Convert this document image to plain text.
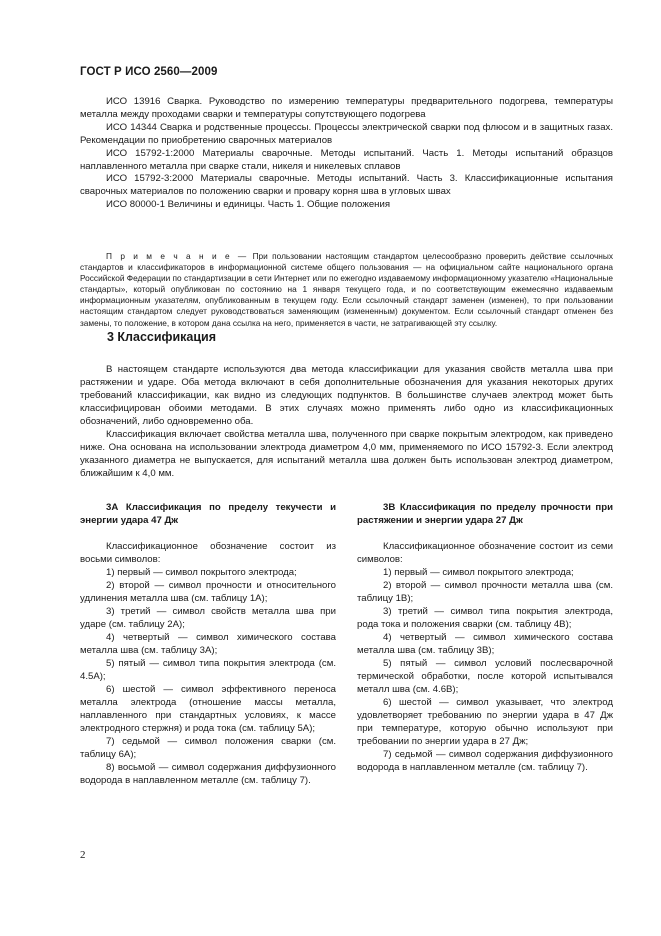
ГОСТ Р ИСО 2560—2009

ИСО 13916 Сварка. Руководство по измерению температуры предварительного подогрева, температуры металла между проходами сварки и температуры сопутствующего подогрева

ИСО 14344 Сварка и родственные процессы. Процессы электрической сварки под флюсом и в защитных газах. Рекомендации по приобретению сварочных материалов

ИСО 15792-1:2000 Материалы сварочные. Методы испытаний. Часть 1. Методы испытаний образцов наплавленного металла при сварке стали, никеля и никелевых сплавов

ИСО 15792-3:2000 Материалы сварочные. Методы испытаний. Часть 3. Классификационные испытания сварочных материалов по положению сварки и провару корня шва в угловых швах

ИСО 80000-1 Величины и единицы. Часть 1. Общие положения

П р и м е ч а н и е — При пользовании настоящим стандартом целесообразно проверить действие ссылочных стандартов и классификаторов в информационной системе общего пользования — на официальном сайте национального органа Российской Федерации по стандартизации в сети Интернет или по ежегодно издаваемому информационному указателю «Национальные стандарты», который опубликован по состоянию на 1 января текущего года, и по соответствующим ежемесячно издаваемым информационным указателям, опубликованным в текущем году. Если ссылочный стандарт заменен (изменен), то при пользовании настоящим стандартом следует руководствоваться заменяющим (измененным) документом. Если ссылочный стандарт отменен без замены, то положение, в котором дана ссылка на него, применяется в части, не затрагивающей эту ссылку.

3 Классификация

В настоящем стандарте используются два метода классификации для указания свойств металла шва при растяжении и ударе. Оба метода включают в себя дополнительные обозначения для указания некоторых других требований классификации, как видно из следующих подпунктов. В большинстве случаев электрод может быть классифицирован обоими методами. В этих случаях можно применять либо одно из классификационных обозначений, либо одновременно оба.

Классификация включает свойства металла шва, полученного при сварке покрытым электродом, как приведено ниже. Она основана на использовании электрода диаметром 4,0 мм, применяемого по ИСО 15792-3. Если электрод указанного диаметра не выпускается, для испытаний металла шва должен быть использован электрод диаметром, ближайшим к 4,0 мм.

3А Классификация по пределу текучести и энергии удара 47 Дж

Классификационное обозначение состоит из восьми символов:

1) первый — символ покрытого электрода;

2) второй — символ прочности и относительного удлинения металла шва (см. таблицу 1А);

3) третий — символ свойств металла шва при ударе (см. таблицу 2А);

4) четвертый — символ химического состава металла шва (см. таблицу 3А);

5) пятый — символ типа покрытия электрода (см. 4.5А);

6) шестой — символ эффективного переноса металла электрода (отношение массы металла, наплавленного при стандартных условиях, к массе электродного стержня) и рода тока (см. таблицу 5А);

7) седьмой — символ положения сварки (см. таблицу 6А);

8) восьмой — символ содержания диффузионного водорода в наплавленном металле (см. таблицу 7).

3В Классификация по пределу прочности при растяжении и энергии удара 27 Дж

Классификационное обозначение состоит из семи символов:

1) первый — символ покрытого электрода;

2) второй — символ прочности металла шва (см. таблицу 1В);

3) третий — символ типа покрытия электрода, рода тока и положения сварки (см. таблицу 4В);

4) четвертый — символ химического состава металла шва (см. таблицу 3В);

5) пятый — символ условий послесварочной термической обработки, после которой испытывался металл шва (см. 4.6В);

6) шестой — символ указывает, что электрод удовлетворяет требованию по энергии удара в 47 Дж при температуре, которую обычно используют при требовании по энергии удара в 27 Дж;

7) седьмой — символ содержания диффузионного водорода в наплавленном металле (см. таблицу 7).

2
